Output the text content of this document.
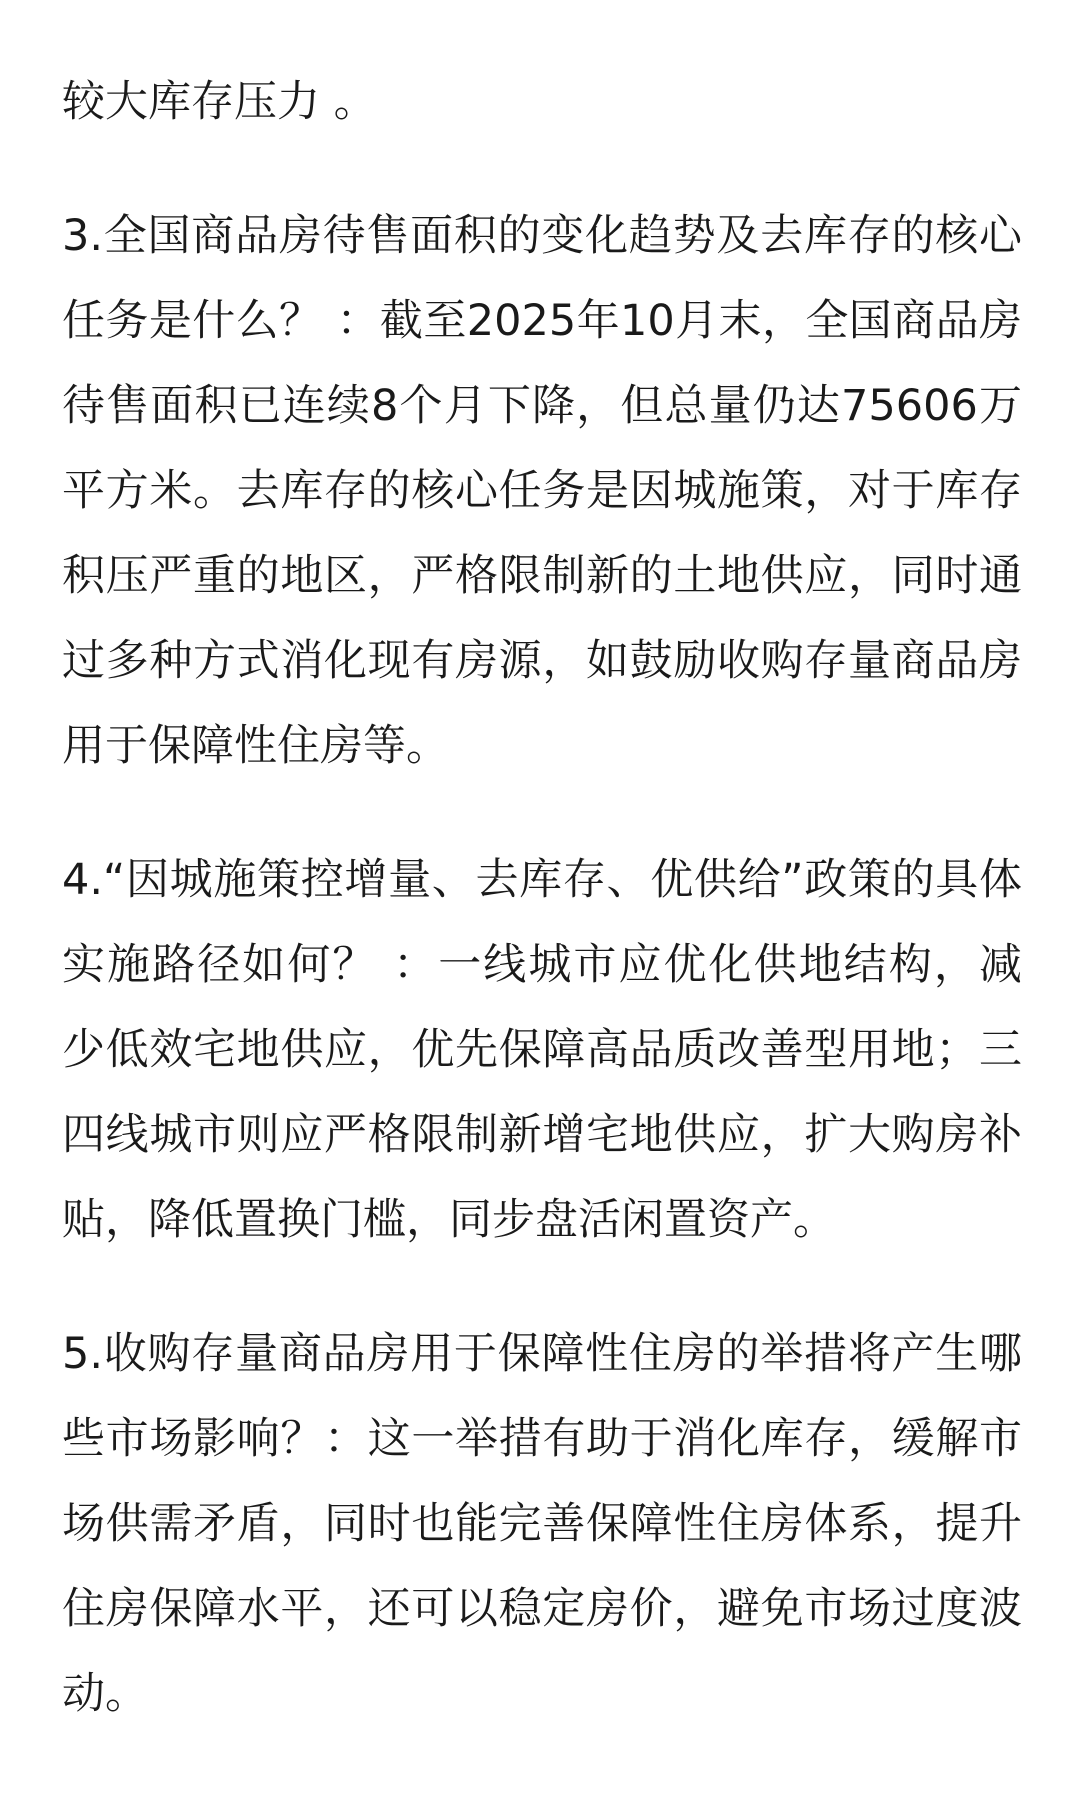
较大库存压力 。
3.全国商品房待售面积的变化趋势及去库存的核心
任务是什么？ ：截至2025年10月末，全国商品房
待售面积已连续8个月下降，但总量仍达75606万
平方米。去库存的核心任务是因城施策，对于库存
积压严重的地区，严格限制新的土地供应，同时通
过多种方式消化现有房源，如鼓励收购存量商品房
用于保障性住房等。
4.“因城施策控增量、去库存、优供给”政策的具体
实施路径如何？ ：一线城市应优化供地结构，减
少低效宅地供应，优先保障高品质改善型用地；三
四线城市则应严格限制新增宅地供应，扩大购房补
贴，降低置换门槛，同步盘活闲置资产。
5.收购存量商品房用于保障性住房的举措将产生哪
些市场影响？：这一举措有助于消化库存，缓解市
场供需矛盾，同时也能完善保障性住房体系，提升
住房保障水平，还可以稳定房价，避免市场过度波
动。
